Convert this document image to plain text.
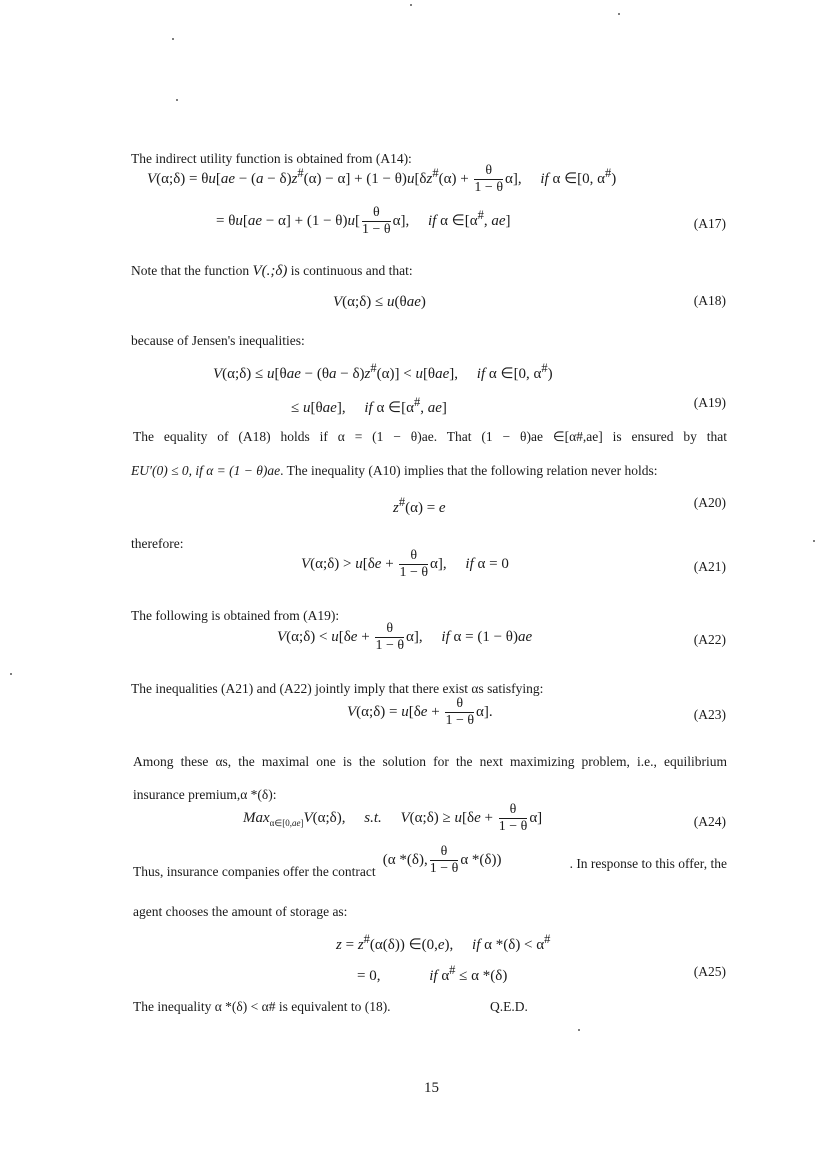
The indirect utility function is obtained from (A14):
V(α;δ) = $\theta u[ae - (a - \delta)z^{\#}(\alpha) - \alpha] + (1 - \theta)u[\delta z^{\#}(\alpha) + \frac{\theta}{1 - \theta} \alpha]$,     if α ∈[0, α#)
= $\theta u[ae - \alpha] + (1 - \theta)u[ \frac{\theta}{1 - \theta} \alpha]$,     if α ∈[α#, ae]	(A17)
Note that the function V(.;δ) is continuous and that:
V(α;δ) ≤ u(θae)	(A18)
because of Jensen's inequalities:
V(α;δ) ≤ u[θae − (θa − δ)z#(α)] < u[θae],     if α ∈[0, α#)
≤ u[θae],     if α ∈[α#, ae]	(A19)
The equality of (A18) holds if α = (1 − θ)ae. That (1 − θ)ae ∈[α#,ae] is ensured by that
EU′(0) ≤ 0, if α = (1 − θ)ae. The inequality (A10) implies that the following relation never holds:
z#(α) = e	(A20)
therefore:
V(α;δ) > $u[\delta e + \frac{\theta}{1 - \theta} \alpha]$,     if α = 0	(A21)
The following is obtained from (A19):
V(α;δ) < $u[\delta e + \frac{\theta}{1 - \theta} \alpha]$,     if α = (1 − θ)ae	(A22)
The inequalities (A21) and (A22) jointly imply that there exist αs satisfying:
V(α;δ) = $u[\delta e + \frac{\theta}{1 - \theta} \alpha]$.	(A23)
Among these αs, the maximal one is the solution for the next maximizing problem, i.e., equilibrium
insurance premium,α *(δ):
Max$_{\alpha\in[0,ae]}$V(α;δ),     s.t. V(α;δ) ≥ $u[\delta e + \frac{\theta}{1 - \theta} \alpha]$	(A24)
Thus, insurance companies offer the contract  (α *(δ), $\frac{\theta}{1 - \theta}$ α *(δ))	. In response to this offer, the
agent chooses the amount of storage as:
z = z#(α(δ)) ∈(0,e),     if α *(δ) < α#
= 0,             if α# ≤ α *(δ)	(A25)
The inequality α *(δ) < α# is equivalent to (18).	Q.E.D.
15
